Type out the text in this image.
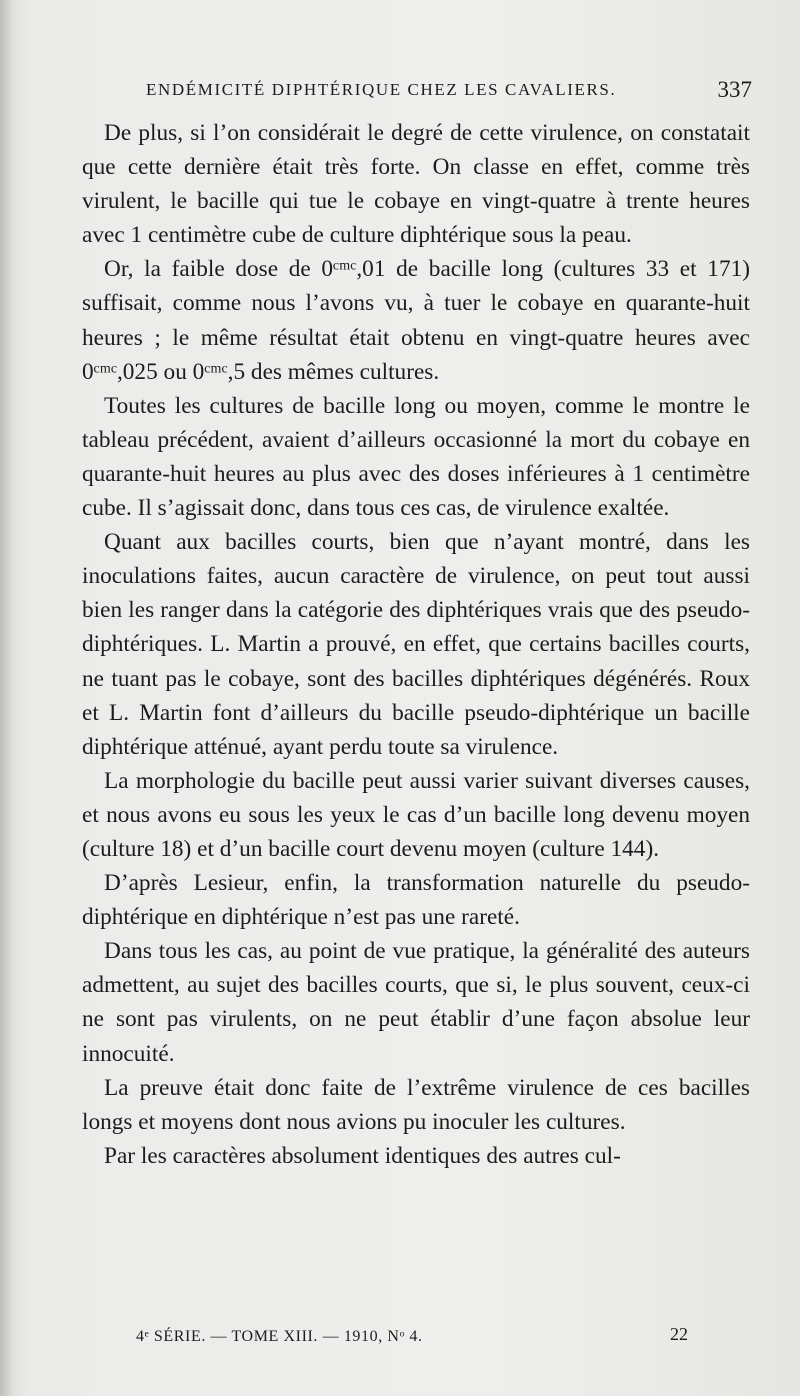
ENDÉMICITÉ DIPHTÉRIQUE CHEZ LES CAVALIERS.	337

De plus, si l’on considérait le degré de cette virulence, on constatait que cette dernière était très forte. On classe en effet, comme très virulent, le bacille qui tue le cobaye en vingt-quatre à trente heures avec 1 centimètre cube de culture diphtérique sous la peau.

Or, la faible dose de 0ᶜᵐᶜ,01 de bacille long (cultures 33 et 171) suffisait, comme nous l’avons vu, à tuer le cobaye en quarante-huit heures ; le même résultat était obtenu en vingt-quatre heures avec 0ᶜᵐᶜ,025 ou 0ᶜᵐᶜ,5 des mêmes cultures.

Toutes les cultures de bacille long ou moyen, comme le montre le tableau précédent, avaient d’ailleurs occasionné la mort du cobaye en quarante-huit heures au plus avec des doses inférieures à 1 centimètre cube. Il s’agissait donc, dans tous ces cas, de virulence exaltée.

Quant aux bacilles courts, bien que n’ayant montré, dans les inoculations faites, aucun caractère de virulence, on peut tout aussi bien les ranger dans la catégorie des diphtériques vrais que des pseudo-diphtériques. L. Martin a prouvé, en effet, que certains bacilles courts, ne tuant pas le cobaye, sont des bacilles diphtériques dégénérés. Roux et L. Martin font d’ailleurs du bacille pseudo-diphtérique un bacille diphtérique atténué, ayant perdu toute sa virulence.

La morphologie du bacille peut aussi varier suivant diverses causes, et nous avons eu sous les yeux le cas d’un bacille long devenu moyen (culture 18) et d’un bacille court devenu moyen (culture 144).

D’après Lesieur, enfin, la transformation naturelle du pseudo-diphtérique en diphtérique n’est pas une rareté.

Dans tous les cas, au point de vue pratique, la généralité des auteurs admettent, au sujet des bacilles courts, que si, le plus souvent, ceux-ci ne sont pas virulents, on ne peut établir d’une façon absolue leur innocuité.

La preuve était donc faite de l’extrême virulence de ces bacilles longs et moyens dont nous avions pu inoculer les cultures.

Par les caractères absolument identiques des autres cul-

4ᵉ SÉRIE. — TOME XIII. — 1910, Nᵒ 4.	22
